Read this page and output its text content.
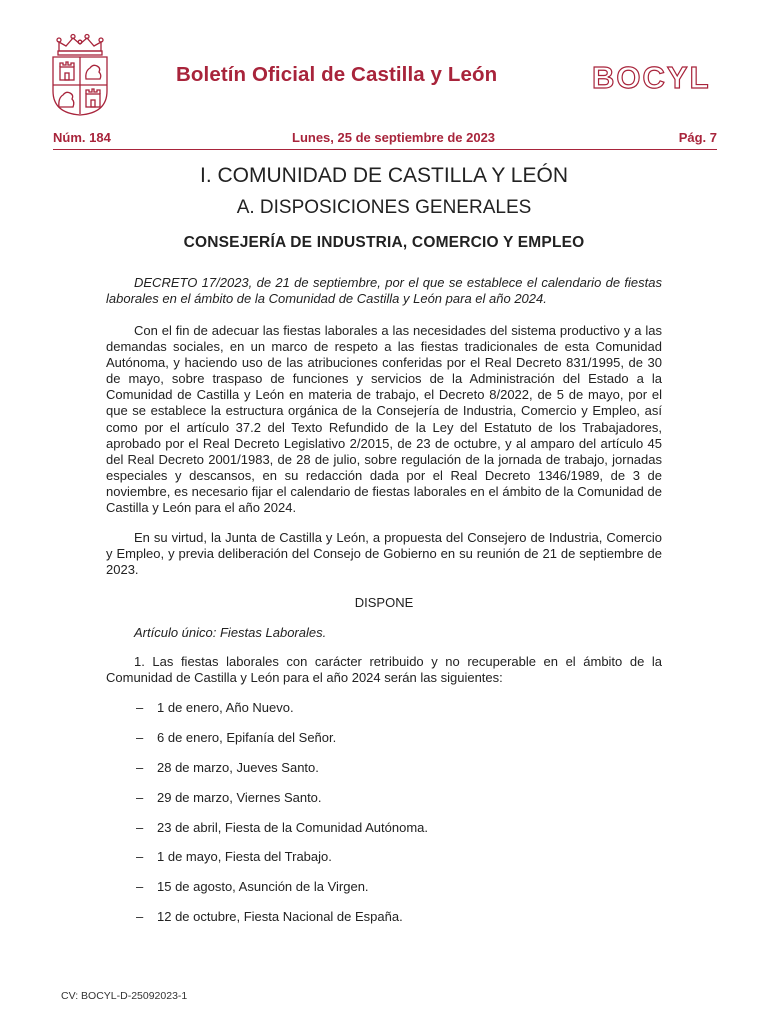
Boletín Oficial de Castilla y León	BOCYL
Núm. 184	Lunes, 25 de septiembre de 2023	Pág. 7
I. COMUNIDAD DE CASTILLA Y LEÓN
A. DISPOSICIONES GENERALES
CONSEJERÍA DE INDUSTRIA, COMERCIO Y EMPLEO

DECRETO 17/2023, de 21 de septiembre, por el que se establece el calendario de fiestas laborales en el ámbito de la Comunidad de Castilla y León para el año 2024.

Con el fin de adecuar las fiestas laborales a las necesidades del sistema productivo y a las demandas sociales, en un marco de respeto a las fiestas tradicionales de esta Comunidad Autónoma, y haciendo uso de las atribuciones conferidas por el Real Decreto 831/1995, de 30 de mayo, sobre traspaso de funciones y servicios de la Administración del Estado a la Comunidad de Castilla y León en materia de trabajo, el Decreto 8/2022, de 5 de mayo, por el que se establece la estructura orgánica de la Consejería de Industria, Comercio y Empleo, así como por el artículo 37.2 del Texto Refundido de la Ley del Estatuto de los Trabajadores, aprobado por el Real Decreto Legislativo 2/2015, de 23 de octubre, y al amparo del artículo 45 del Real Decreto 2001/1983, de 28 de julio, sobre regulación de la jornada de trabajo, jornadas especiales y descansos, en su redacción dada por el Real Decreto 1346/1989, de 3 de noviembre, es necesario fijar el calendario de fiestas laborales en el ámbito de la Comunidad de Castilla y León para el año 2024.

En su virtud, la Junta de Castilla y León, a propuesta del Consejero de Industria, Comercio y Empleo, y previa deliberación del Consejo de Gobierno en su reunión de 21 de septiembre de 2023.

DISPONE
Artículo único: Fiestas Laborales.

1. Las fiestas laborales con carácter retribuido y no recuperable en el ámbito de la Comunidad de Castilla y León para el año 2024 serán las siguientes:

– 1 de enero, Año Nuevo.
– 6 de enero, Epifanía del Señor.
– 28 de marzo, Jueves Santo.
– 29 de marzo, Viernes Santo.
– 23 de abril, Fiesta de la Comunidad Autónoma.
– 1 de mayo, Fiesta del Trabajo.
– 15 de agosto, Asunción de la Virgen.
– 12 de octubre, Fiesta Nacional de España.
CV: BOCYL-D-25092023-1
